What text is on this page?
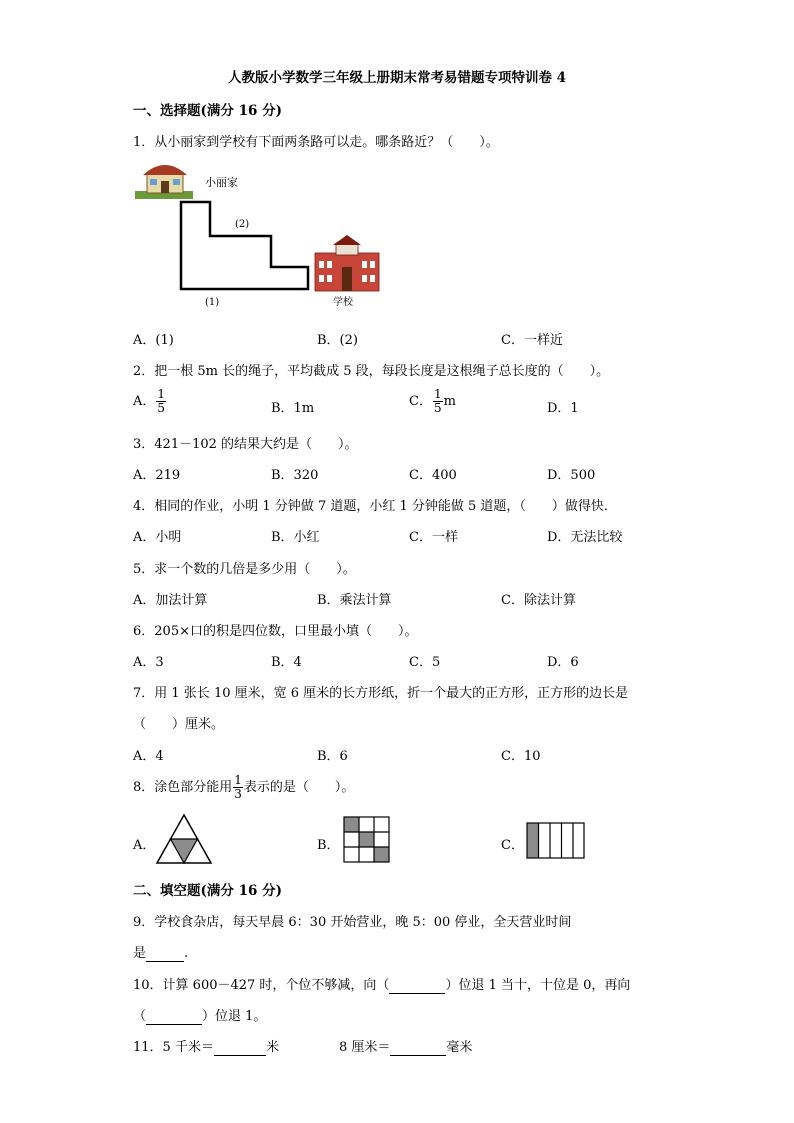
人教版小学数学三年级上册期末常考易错题专项特训卷 4
一、选择题(满分 16 分)
1．从小丽家到学校有下面两条路可以走。哪条路近？（　　）。
小丽家
(2)
(1)	学校
A．(1)	B．(2)	C．一样近
2．把一根 5m 长的绳子，平均截成 5 段，每段长度是这根绳子总长度的（　　）。
A． $\frac{1}{5}$	B．1m	C． $\frac{1}{5}$ m	D．1
3．421－102 的结果大约是（　　）。
A．219	B．320	C．400	D．500
4．相同的作业，小明 1 分钟做 7 道题，小红 1 分钟能做 5 道题，（　　）做得快．
A．小明	B．小红	C．一样	D．无法比较
5．求一个数的几倍是多少用（　　）。
A．加法计算	B．乘法计算	C．除法计算
6．205×口的积是四位数，口里最小填（　　）。
A．3	B．4	C．5	D．6
7．用 1 张长 10 厘米，宽 6 厘米的长方形纸，折一个最大的正方形，正方形的边长是
（　　）厘米。
A．4	B．6	C．10
8．涂色部分能用 $\frac{1}{3}$ 表示的是（　　）。
A．	B．	C．
二、填空题(满分 16 分)
9．学校食杂店，每天早晨 6：30 开始营业，晚 5：00 停业，全天营业时间
是	.
10．计算 600－427 时，个位不够减，向（	）位退 1 当十，十位是 0，再向
（	）位退 1。
11．5 千米＝	米	8 厘米＝	毫米
